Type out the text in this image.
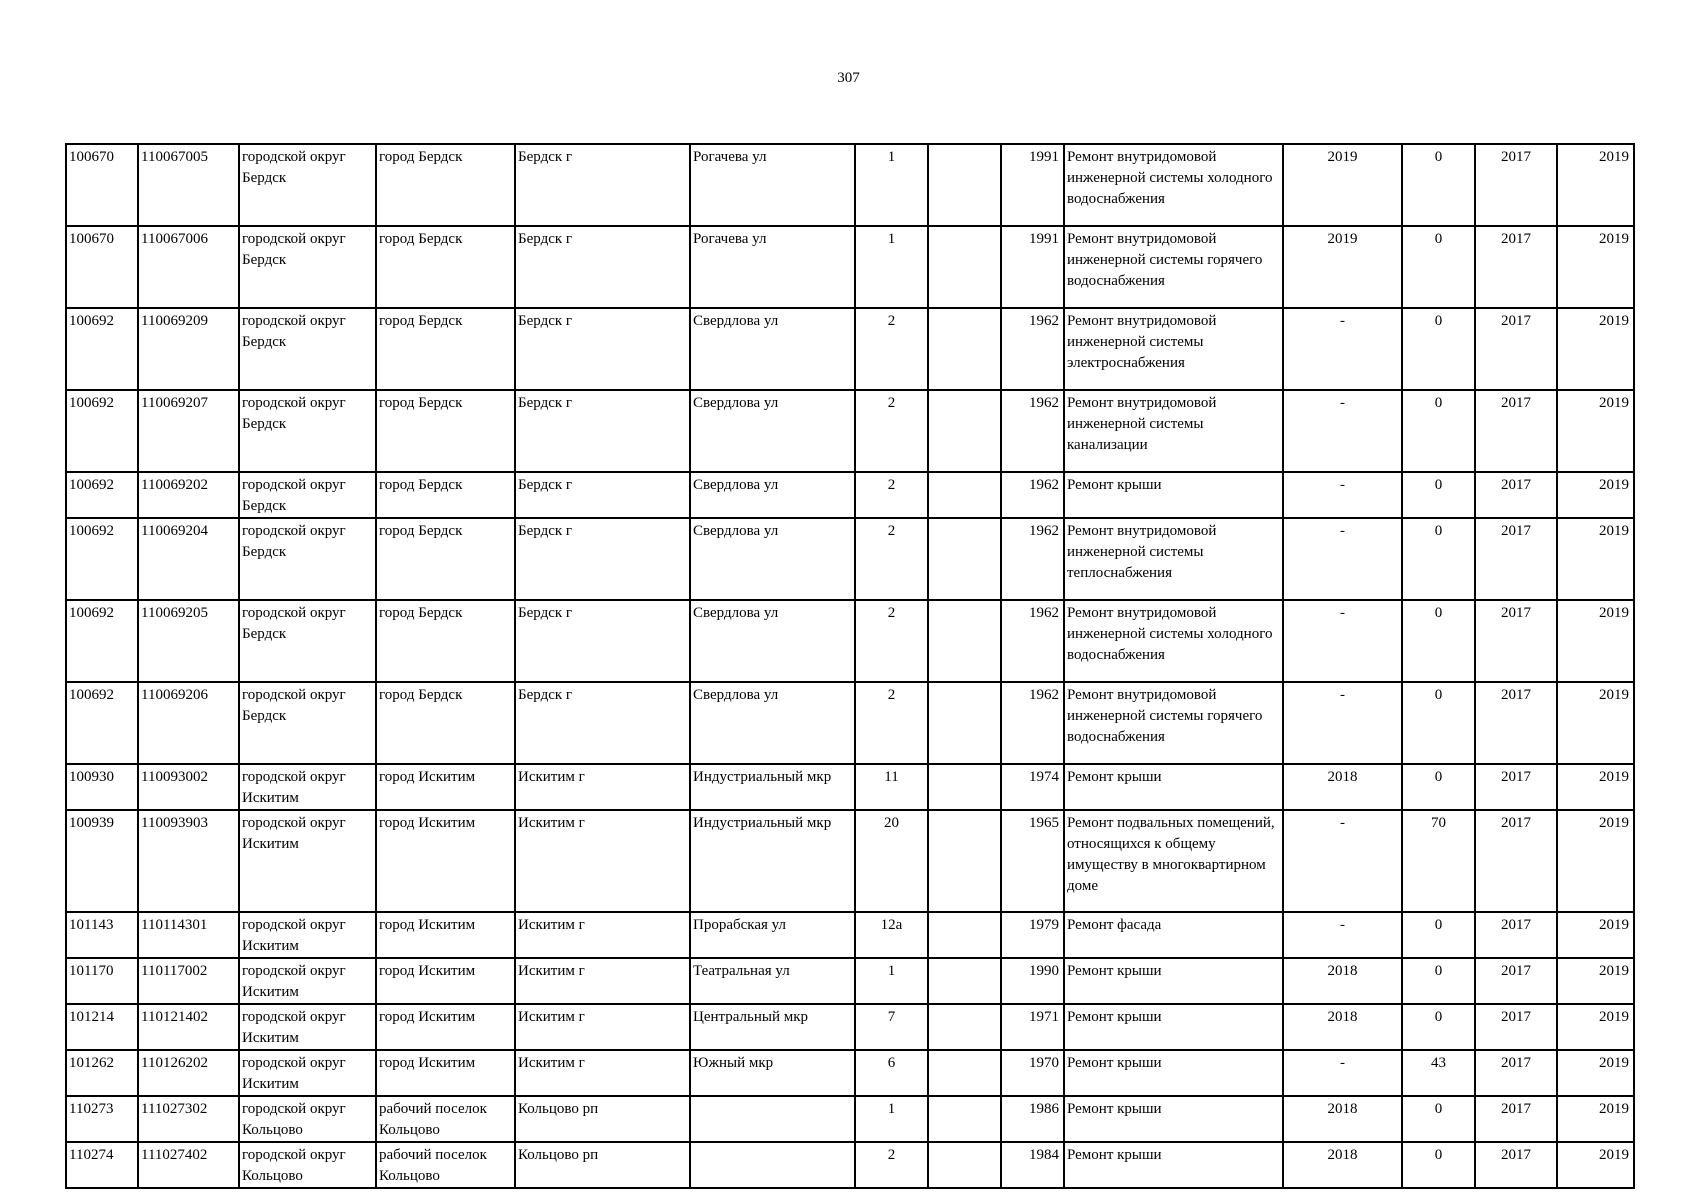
307
100670	110067005	городской округ Бердск	город Бердск	Бердск г	Рогачева ул	1		1991	Ремонт внутридомовой инженерной системы холодного водоснабжения	2019	0	2017	2019
100670	110067006	городской округ Бердск	город Бердск	Бердск г	Рогачева ул	1		1991	Ремонт внутридомовой инженерной системы горячего водоснабжения	2019	0	2017	2019
100692	110069209	городской округ Бердск	город Бердск	Бердск г	Свердлова ул	2		1962	Ремонт внутридомовой инженерной системы электроснабжения	-	0	2017	2019
100692	110069207	городской округ Бердск	город Бердск	Бердск г	Свердлова ул	2		1962	Ремонт внутридомовой инженерной системы канализации	-	0	2017	2019
100692	110069202	городской округ Бердск	город Бердск	Бердск г	Свердлова ул	2		1962	Ремонт крыши	-	0	2017	2019
100692	110069204	городской округ Бердск	город Бердск	Бердск г	Свердлова ул	2		1962	Ремонт внутридомовой инженерной системы теплоснабжения	-	0	2017	2019
100692	110069205	городской округ Бердск	город Бердск	Бердск г	Свердлова ул	2		1962	Ремонт внутридомовой инженерной системы холодного водоснабжения	-	0	2017	2019
100692	110069206	городской округ Бердск	город Бердск	Бердск г	Свердлова ул	2		1962	Ремонт внутридомовой инженерной системы горячего водоснабжения	-	0	2017	2019
100930	110093002	городской округ Искитим	город Искитим	Искитим г	Индустриальный мкр	11		1974	Ремонт крыши	2018	0	2017	2019
100939	110093903	городской округ Искитим	город Искитим	Искитим г	Индустриальный мкр	20		1965	Ремонт подвальных помещений, относящихся к общему имуществу в многоквартирном доме	-	70	2017	2019
101143	110114301	городской округ Искитим	город Искитим	Искитим г	Прорабская ул	12а		1979	Ремонт фасада	-	0	2017	2019
101170	110117002	городской округ Искитим	город Искитим	Искитим г	Театральная ул	1		1990	Ремонт крыши	2018	0	2017	2019
101214	110121402	городской округ Искитим	город Искитим	Искитим г	Центральный мкр	7		1971	Ремонт крыши	2018	0	2017	2019
101262	110126202	городской округ Искитим	город Искитим	Искитим г	Южный мкр	6		1970	Ремонт крыши	-	43	2017	2019
110273	111027302	городской округ Кольцово	рабочий поселок Кольцово	Кольцово рп		1		1986	Ремонт крыши	2018	0	2017	2019
110274	111027402	городской округ Кольцово	рабочий поселок Кольцово	Кольцово рп		2		1984	Ремонт крыши	2018	0	2017	2019
